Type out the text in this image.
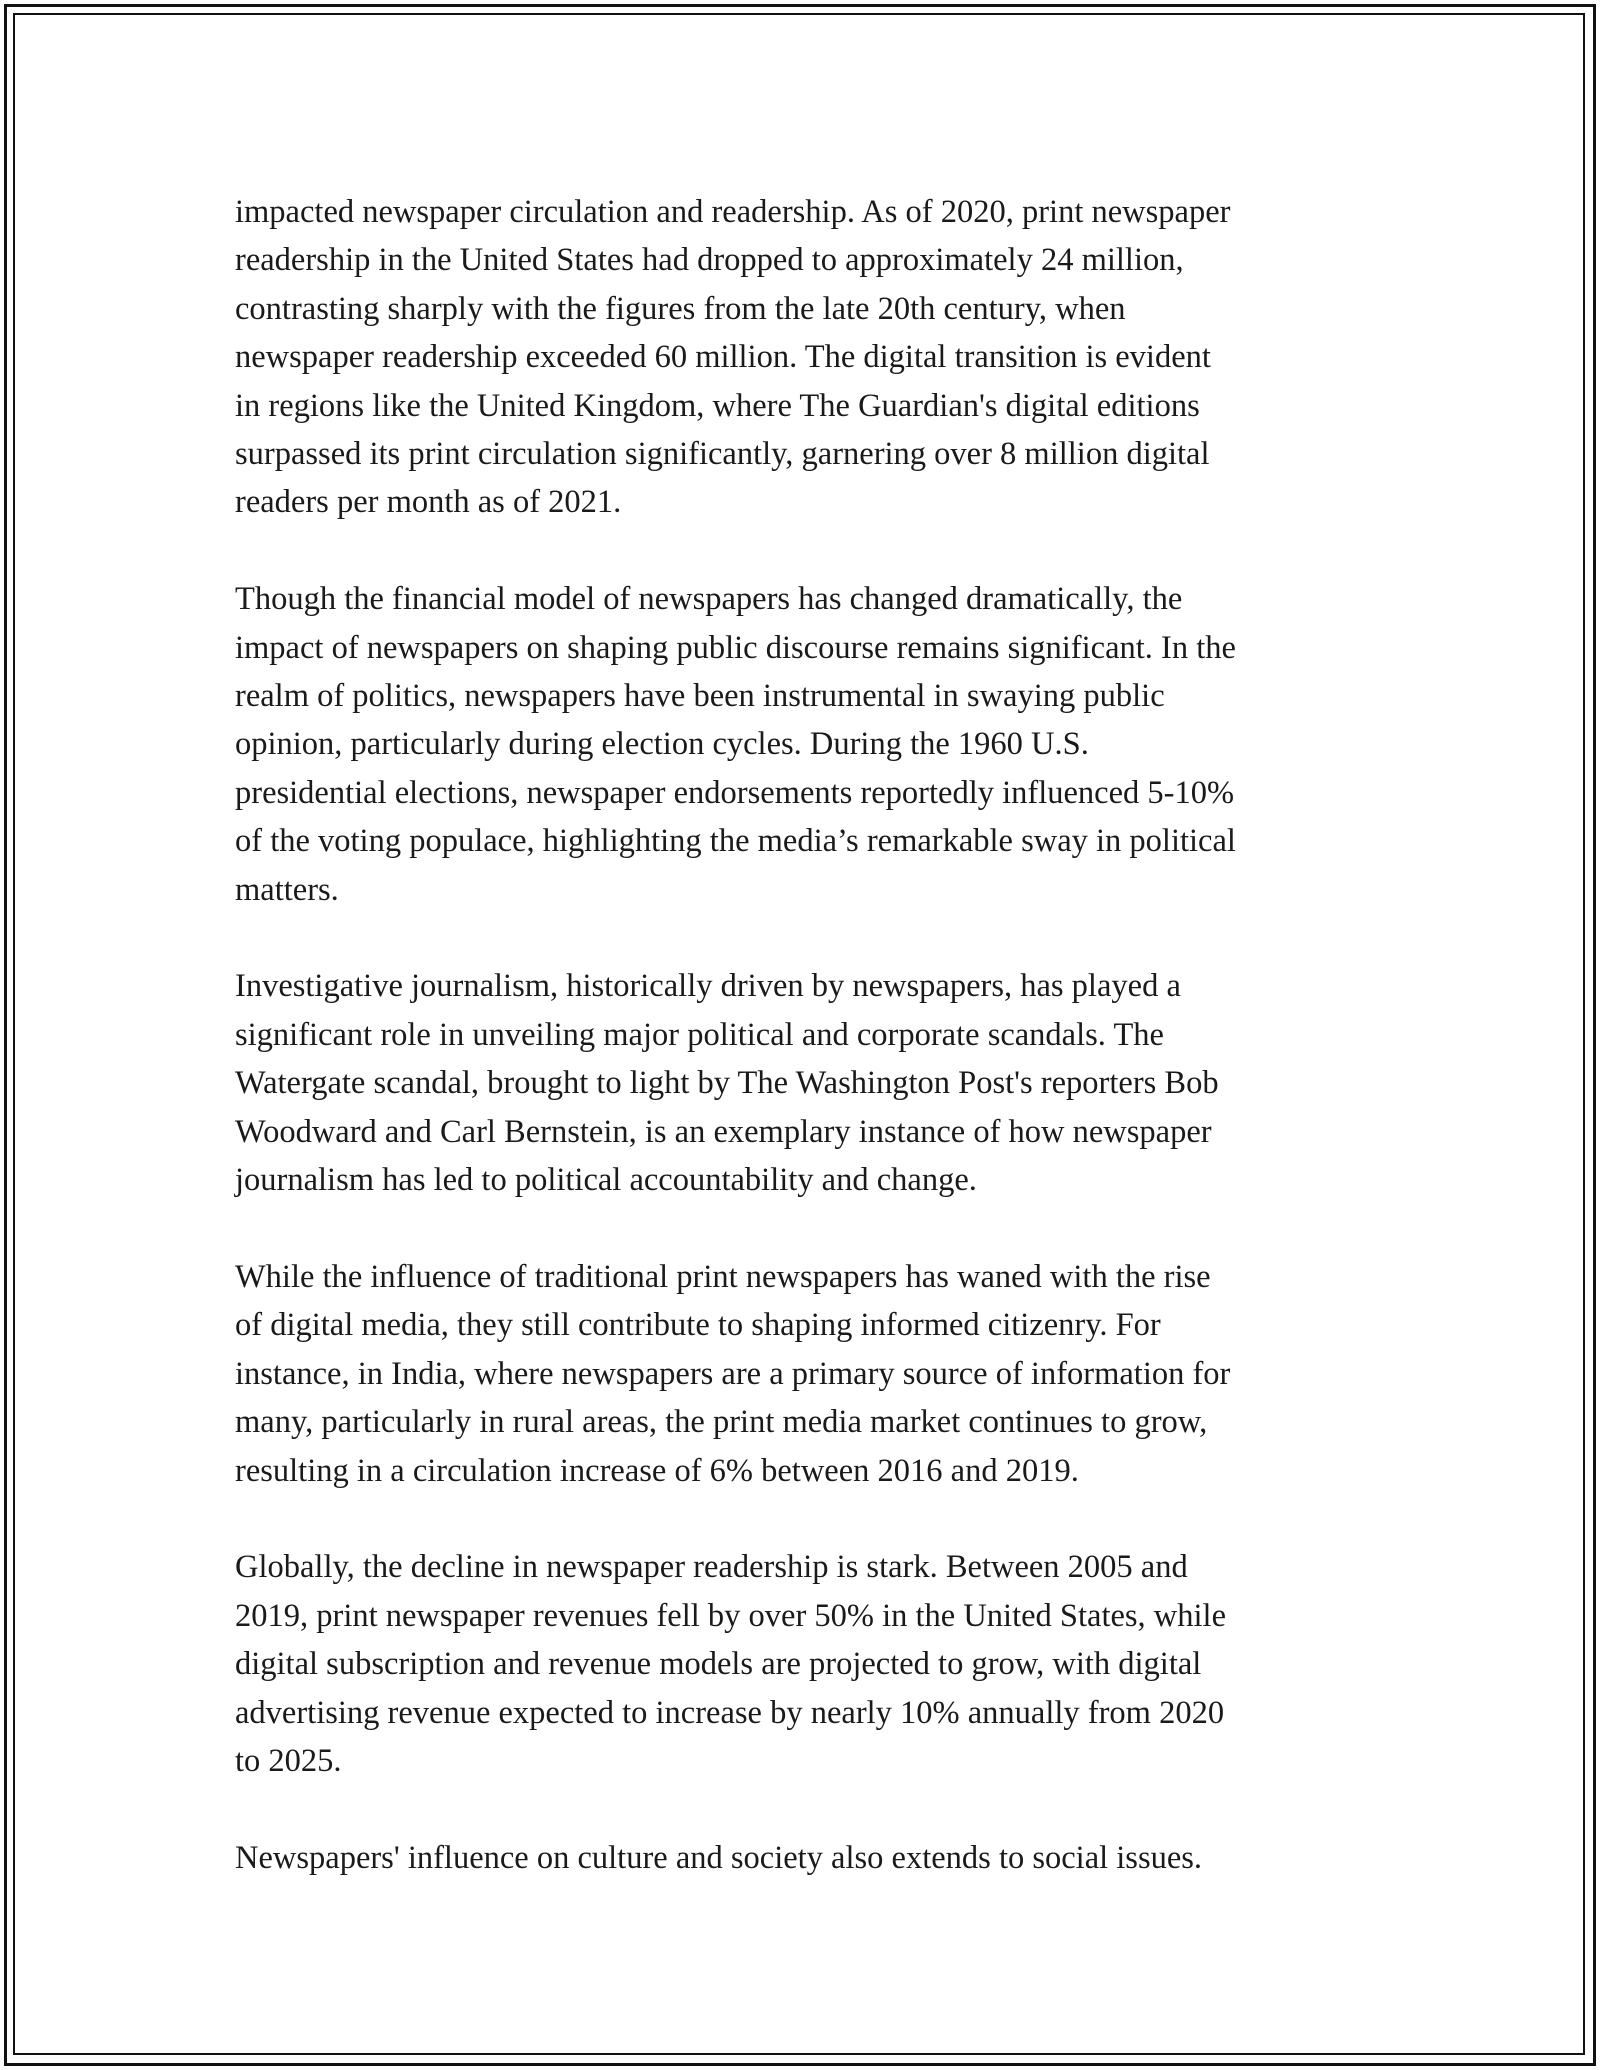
impacted newspaper circulation and readership. As of 2020, print newspaper
readership in the United States had dropped to approximately 24 million,
contrasting sharply with the figures from the late 20th century, when
newspaper readership exceeded 60 million. The digital transition is evident
in regions like the United Kingdom, where The Guardian's digital editions
surpassed its print circulation significantly, garnering over 8 million digital
readers per month as of 2021.

Though the financial model of newspapers has changed dramatically, the
impact of newspapers on shaping public discourse remains significant. In the
realm of politics, newspapers have been instrumental in swaying public
opinion, particularly during election cycles. During the 1960 U.S.
presidential elections, newspaper endorsements reportedly influenced 5-10%
of the voting populace, highlighting the media’s remarkable sway in political
matters.

Investigative journalism, historically driven by newspapers, has played a
significant role in unveiling major political and corporate scandals. The
Watergate scandal, brought to light by The Washington Post's reporters Bob
Woodward and Carl Bernstein, is an exemplary instance of how newspaper
journalism has led to political accountability and change.

While the influence of traditional print newspapers has waned with the rise
of digital media, they still contribute to shaping informed citizenry. For
instance, in India, where newspapers are a primary source of information for
many, particularly in rural areas, the print media market continues to grow,
resulting in a circulation increase of 6% between 2016 and 2019.

Globally, the decline in newspaper readership is stark. Between 2005 and
2019, print newspaper revenues fell by over 50% in the United States, while
digital subscription and revenue models are projected to grow, with digital
advertising revenue expected to increase by nearly 10% annually from 2020
to 2025.

Newspapers' influence on culture and society also extends to social issues.
